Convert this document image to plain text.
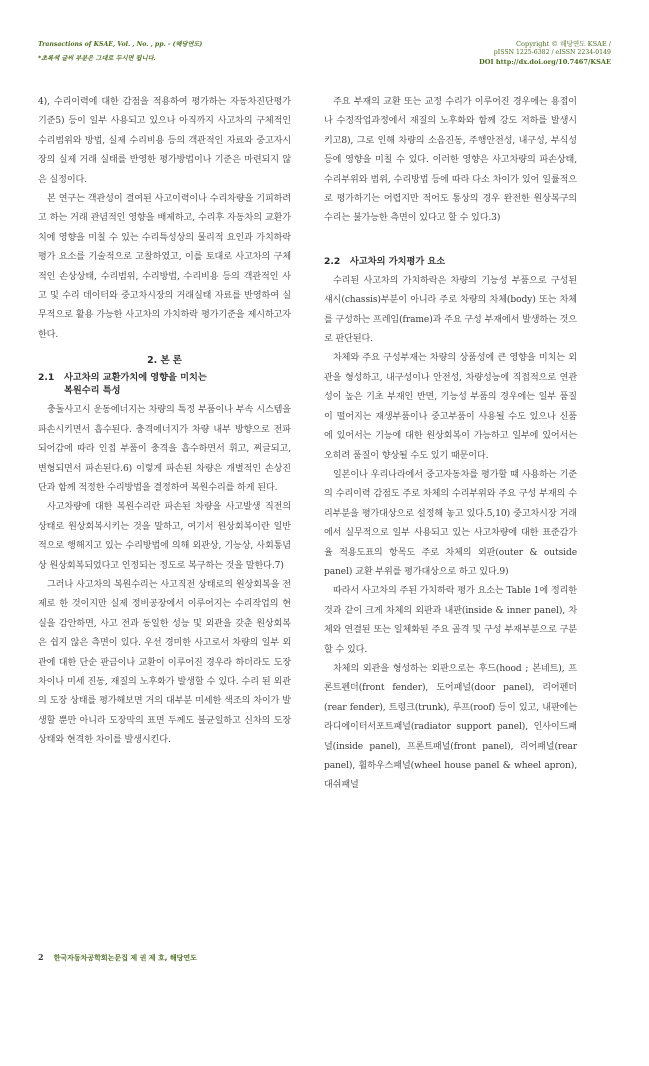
Transactions of KSAE, Vol. , No. , pp. - (해당연도)
*초록색 글씨 부분은 그대로 두시면 됩니다.
Copyright © 해당연도 KSAE /
pISSN 1225-6382 / eISSN 2234-0149
DOI http://dx.doi.org/10.7467/KSAE

4), 수리이력에 대한 감점을 적용하여 평가하는 자동차진단평가기준5) 등이 일부 사용되고 있으나 아직까지 사고차의 구체적인 수리범위와 방법, 실제 수리비용 등의 객관적인 자료와 중고자시장의 실제 거래 실태를 반영한 평가방법이나 기준은 마련되지 않은 실정이다.

본 연구는 객관성이 결여된 사고이력이나 수리차량을 기피하려고 하는 거래 관념적인 영향을 배제하고, 수리후 자동차의 교환가치에 영향을 미칠 수 있는 수리특성상의 물리적 요인과 가치하락 평가 요소를 기술적으로 고찰하였고, 이를 토대로 사고차의 구체적인 손상상태, 수리범위, 수리방법, 수리비용 등의 객관적인 사고 및 수리 데이터와 중고차시장의 거래실태 자료를 반영하여 실무적으로 활용 가능한 사고차의 가치하락 평가기준을 제시하고자 한다.

2. 본 론
2.1 사고차의 교환가치에 영향을 미치는
복원수리 특성

충돌사고시 운동에너지는 차량의 특정 부품이나 부속 시스템을 파손시키면서 흡수된다. 충격에너지가 차량 내부 방향으로 전파되어감에 따라 인접 부품이 충격을 흡수하면서 휘고, 찌글되고, 변형되면서 파손된다.6) 이렇게 파손된 차량은 개별적인 손상진단과 함께 적정한 수리방법을 결정하여 복원수리를 하게 된다.

사고차량에 대한 복원수리란 파손된 차량을 사고발생 직전의 상태로 원상회복시키는 것을 말하고, 여기서 원상회복이란 일반적으로 행해지고 있는 수리방법에 의해 외관상, 기능상, 사회통념상 원상회복되었다고 인정되는 정도로 복구하는 것을 말한다.7)

그러나 사고차의 복원수리는 사고직전 상태로의 원상회복을 전제로 한 것이지만 실제 정비공장에서 이루어지는 수리작업의 현실을 감안하면, 사고 전과 동일한 성능 및 외관을 갖춘 원상회복은 쉽지 않은 측면이 있다. 우선 경미한 사고로서 차량의 일부 외관에 대한 단순 판금이나 교환이 이루어진 경우라 하더라도 도장 차이나 미세 진동, 재질의 노후화가 발생할 수 있다. 수리 된 외관의 도장 상태를 평가해보면 거의 대부분 미세한 색조의 차이가 발생할 뿐만 아니라 도장막의 표면 두께도 불균일하고 신차의 도장 상태와 현격한 차이를 발생시킨다.

주요 부재의 교환 또는 교정 수리가 이루어진 경우에는 용접이나 수정작업과정에서 재질의 노후화와 함께 강도 저하를 발생시키고8), 그로 인해 차량의 소음진동, 주행안전성, 내구성, 부식성 등에 영향을 미칠 수 있다. 이러한 영향은 사고차량의 파손상태, 수리부위와 범위, 수리방법 등에 따라 다소 차이가 있어 일률적으로 평가하기는 어렵지만 적어도 통상의 경우 완전한 원상복구의 수리는 불가능한 측면이 있다고 할 수 있다.3)

2.2 사고차의 가치평가 요소

수리된 사고차의 가치하락은 차량의 기능성 부품으로 구성된 섀시(chassis)부분이 아니라 주로 차량의 차체(body) 또는 차체를 구성하는 프레임(frame)과 주요 구성 부재에서 발생하는 것으로 판단된다.

차체와 주요 구성부재는 차량의 상품성에 큰 영향을 미치는 외관을 형성하고, 내구성이나 안전성, 차량성능에 직접적으로 연관성이 높은 기초 부재인 반면, 기능성 부품의 경우에는 일부 품질이 떨어지는 재생부품이나 중고부품이 사용될 수도 있으나 신품에 있어서는 기능에 대한 원상회복이 가능하고 일부에 있어서는 오히려 품질이 향상될 수도 있기 때문이다.

일본이나 우리나라에서 중고자동차를 평가할 때 사용하는 기준의 수리이력 감점도 주로 차체의 수리부위와 주요 구성 부재의 수리부분을 평가대상으로 설정해 놓고 있다.5,10) 중고차시장 거래에서 실무적으로 일부 사용되고 있는 사고차량에 대한 표준감가율 적용도표의 항목도 주로 차체의 외판(outer & outside panel) 교환 부위를 평가대상으로 하고 있다.9)

따라서 사고차의 주된 가치하락 평가 요소는 Table 1에 정리한 것과 같이 크게 차체의 외판과 내판(inside & inner panel), 차체와 연결된 또는 일체화된 주요 골격 및 구성 부재부분으로 구분할 수 있다.

차체의 외관을 형성하는 외판으로는 후드(hood ; 본네트), 프론트펜더(front fender), 도어패널(door panel), 리어펜더(rear fender), 트렁크(trunk), 루프(roof) 등이 있고, 내판에는 라디에이터서포트패널(radiator support panel), 인사이드패널(inside panel), 프론트패널(front panel), 리어패널(rear panel), 휠하우스패널(wheel house panel & wheel apron), 대쉬패널

2 한국자동차공학회논문집 제 권 제 호, 해당연도
